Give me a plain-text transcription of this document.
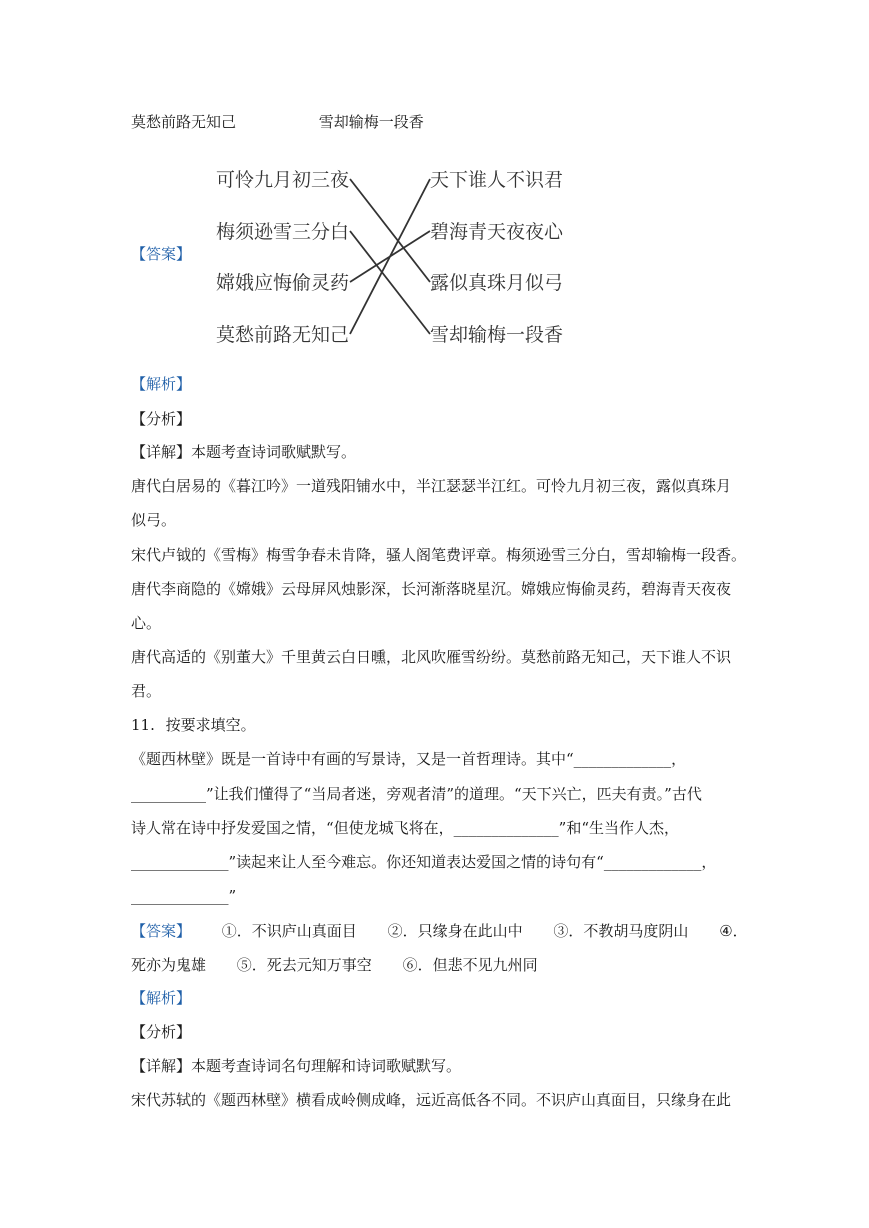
莫愁前路无知己	雪却输梅一段香
可怜九月初三夜
梅须逊雪三分白
嫦娥应悔偷灵药
莫愁前路无知己
天下谁人不识君
碧海青天夜夜心
露似真珠月似弓
雪却输梅一段香
【答案】
【解析】
【分析】
【详解】本题考查诗词歌赋默写。
唐代白居易的《暮江吟》一道残阳铺水中，半江瑟瑟半江红。可怜九月初三夜，露似真珠月
似弓。
宋代卢钺的《雪梅》梅雪争春未肯降，骚人阁笔费评章。梅须逊雪三分白，雪却输梅一段香。
唐代李商隐的《嫦娥》云母屏风烛影深，长河渐落晓星沉。嫦娥应悔偷灵药，碧海青天夜夜
心。
唐代高适的《别董大》千里黄云白日曛，北风吹雁雪纷纷。莫愁前路无知己，天下谁人不识
君。
11. 按要求填空。
《题西林壁》既是一首诗中有画的写景诗，又是一首哲理诗。其中“_____________，
__________”让我们懂得了“当局者迷，旁观者清”的道理。“天下兴亡，匹夫有责。”古代
诗人常在诗中抒发爱国之情，“但使龙城飞将在，______________”和“生当作人杰，
_____________”读起来让人至今难忘。你还知道表达爱国之情的诗句有“_____________，
_____________”
【答案】 ①．不识庐山真面目 ②．只缘身在此山中 ③．不教胡马度阴山 ④．
死亦为鬼雄 ⑤．死去元知万事空 ⑥．但悲不见九州同
【解析】
【分析】
【详解】本题考查诗词名句理解和诗词歌赋默写。
宋代苏轼的《题西林壁》横看成岭侧成峰，远近高低各不同。不识庐山真面目，只缘身在此
